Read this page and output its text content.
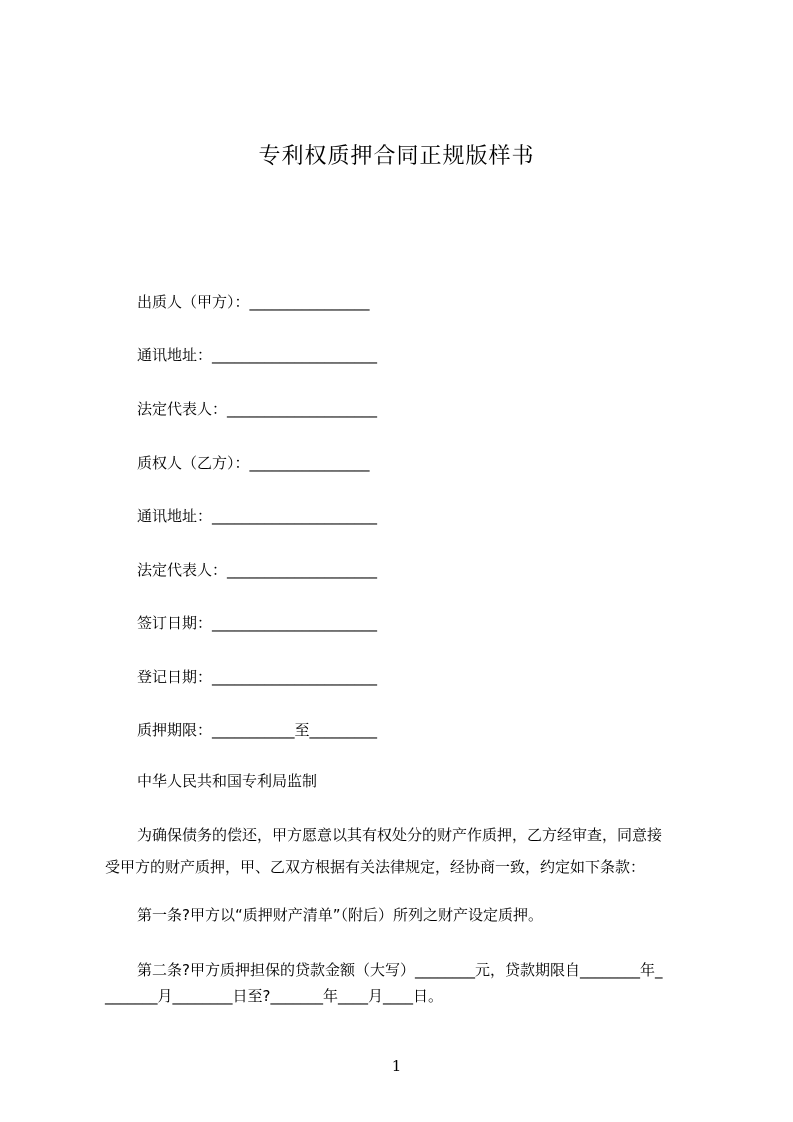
专利权质押合同正规版样书
出质人（甲方）：________________
通讯地址：______________________
法定代表人：____________________
质权人（乙方）：________________
通讯地址：______________________
法定代表人：____________________
签订日期：______________________
登记日期：______________________
质押期限：___________至_________
中华人民共和国专利局监制
为确保债务的偿还，甲方愿意以其有权处分的财产作质押，乙方经审查，同意接
受甲方的财产质押，甲、乙双方根据有关法律规定，经协商一致，约定如下条款：
第一条?甲方以“质押财产清单”（附后）所列之财产设定质押。
第二条?甲方质押担保的贷款金额（大写）________元，贷款期限自________年_
_______月________日至?_______年____月____日。
1
